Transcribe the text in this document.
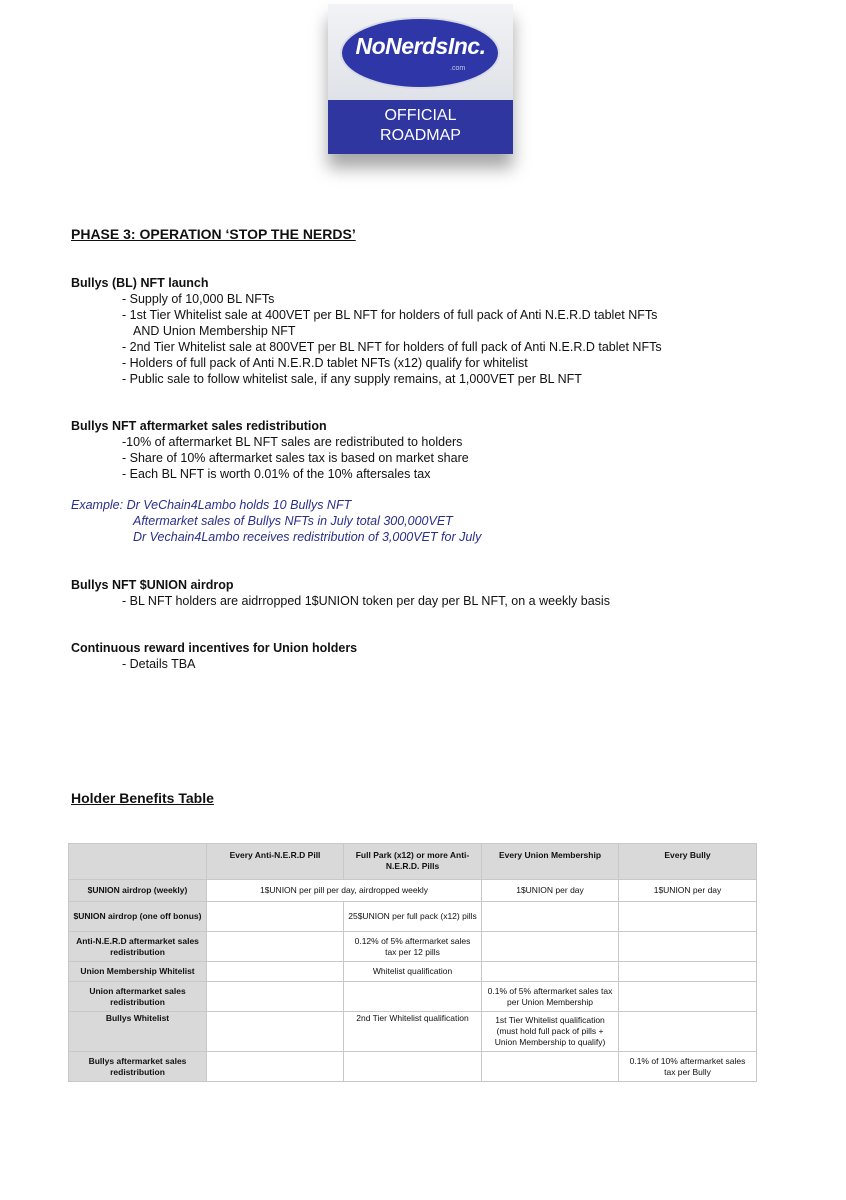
NoNerdsInc.
.com
OFFICIAL
ROADMAP
PHASE 3: OPERATION ‘STOP THE NERDS’
Bullys (BL) NFT launch
- Supply of 10,000 BL NFTs
- 1st Tier Whitelist sale at 400VET per BL NFT for holders of full pack of Anti N.E.R.D tablet NFTs
AND Union Membership NFT
- 2nd Tier Whitelist sale at 800VET per BL NFT for holders of full pack of Anti N.E.R.D tablet NFTs
- Holders of full pack of Anti N.E.R.D tablet NFTs (x12) qualify for whitelist
- Public sale to follow whitelist sale, if any supply remains, at 1,000VET per BL NFT
Bullys NFT aftermarket sales redistribution
-10% of aftermarket BL NFT sales are redistributed to holders
- Share of 10% aftermarket sales tax is based on market share
- Each BL NFT is worth 0.01% of the 10% aftersales tax
Example: Dr VeChain4Lambo holds 10 Bullys NFT
Aftermarket sales of Bullys NFTs in July total 300,000VET
Dr Vechain4Lambo receives redistribution of 3,000VET for July
Bullys NFT $UNION airdrop
- BL NFT holders are aidrropped 1$UNION token per day per BL NFT, on a weekly basis
Continuous reward incentives for Union holders
- Details TBA
Holder Benefits Table
	Every Anti-N.E.R.D Pill	Full Park (x12) or more Anti-N.E.R.D. Pills	Every Union Membership	Every Bully
$UNION airdrop (weekly)	1$UNION per pill per day, airdropped weekly		1$UNION per day	1$UNION per day
$UNION airdrop (one off bonus)		25$UNION per full pack (x12) pills		
Anti-N.E.R.D aftermarket sales redistribution		0.12% of 5% aftermarket sales tax per 12 pills		
Union Membership Whitelist		Whitelist qualification		
Union aftermarket sales redistribution			0.1% of 5% aftermarket sales tax per Union Membership	
Bullys Whitelist		2nd Tier Whitelist qualification	1st Tier Whitelist qualification (must hold full pack of pills + Union Membership to qualify)	
Bullys aftermarket sales redistribution				0.1% of 10% aftermarket sales tax per Bully
